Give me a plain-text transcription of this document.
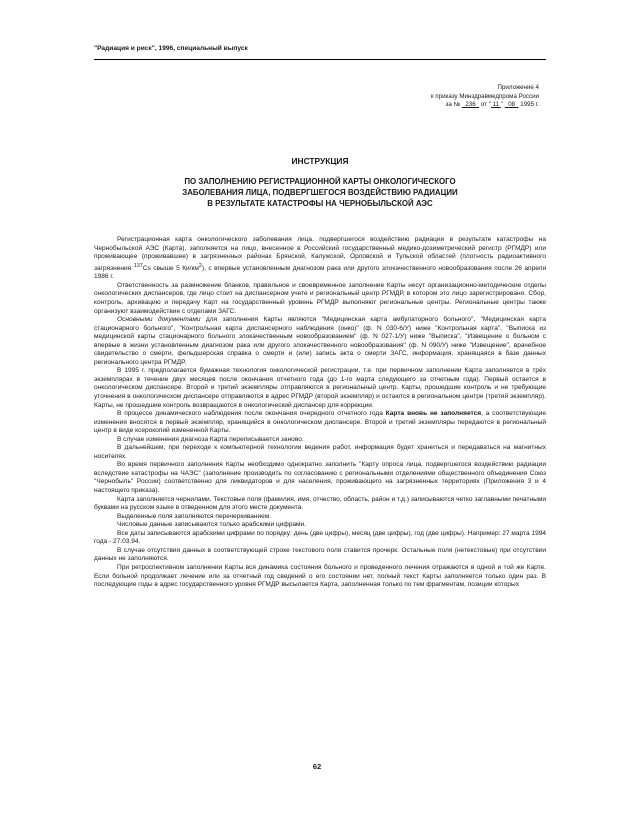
"Радиация и риск", 1996, специальный выпуск
Приложение 4
к приказу Минздравмедпрома России
за № 236 от " 11 " 08 1995 г.
ИНСТРУКЦИЯ
ПО ЗАПОЛНЕНИЮ РЕГИСТРАЦИОННОЙ КАРТЫ ОНКОЛОГИЧЕСКОГО
ЗАБОЛЕВАНИЯ ЛИЦА, ПОДВЕРГШЕГОСЯ ВОЗДЕЙСТВИЮ РАДИАЦИИ
В РЕЗУЛЬТАТЕ КАТАСТРОФЫ НА ЧЕРНОБЫЛЬСКОЙ АЭС

Регистрационная карта онкологического заболевания лица, подвергшегося воздействию радиации в результате катастрофы на Чернобыльской АЭС (Карта), заполняется на лицо, внесенное в Российский государственный медико-дозиметрический регистр (РГМДР) или проживающее (проживавшее) в загрязненных районах Брянской, Калужской, Орловской и Тульской областей (плотность радиоактивного загрязнения $^{137}$Cs свыше 5 $Ки/км^2$), с впервые установленным диагнозом рака или другого злокачественного новообразования после 26 апреля 1986 г.

Ответственность за размножение бланков, правильное и своевременное заполнение Карты несут организационно-методические отделы онкологических диспансеров, где лицо стоит на диспансерном учете и региональный центр РГМДР, в котором это лицо зарегистрировано. Сбор, контроль, архивацию и передачу Карт на государственный уровень РГМДР выполняют региональные центры. Региональные центры также организуют взаимодействие с отделами ЗАГС.

Основными документами для заполнения Карты являются "Медицинская карта амбулаторного больного", "Медицинская карта стационарного больного", "Контрольная карта диспансерного наблюдения (онко)" (ф. N 030-6/У) ниже "Контрольная карта", "Выписка из медицинской карты стационарного больного злокачественным новообразованием" (ф. N 027-1/У) ниже "Выписка", "Извещение о больном с впервые в жизни установленным диагнозом рака или другого злокачественного новообразования" (ф. N 090/У) ниже "Извещение", врачебное свидетельство о смерти, фельдшерская справка о смерти и (или) запись акта о смерти ЗАГС, информация, хранящаяся в базе данных регионального центра РГМДР.

В 1995 г. предполагается бумажная технология онкологической регистрации, т.е. при первичном заполнении Карта заполняется в трёх экземплярах в течение двух месяцев после окончания отчетного года (до 1-го марта следующего за отчетным года). Первый остается в онкологическом диспансере. Второй и третий экземпляры отправляются в региональный центр. Карты, прошедшие контроль и не требующие уточнения в онкологическом диспансере отправляются в адрес РГМДР (второй экземпляр) и остаются в региональном центре (третий экземпляр). Карты, не прошедшие контроль возвращаются в онкологический диспансер для коррекции.

В процессе динамического наблюдения после окончания очередного отчетного года Карта вновь не заполняется, а соответствующие изменения вносятся в первый экземпляр, хранящийся в онкологическом диспансере. Второй и третий экземпляры передаются в региональный центр в виде ксерокопий измененной Карты.

В случае изменения диагноза Карта переписывается заново.

В дальнейшем, при переходе к компьютерной технологии ведения работ, информация будет храниться и передаваться на магнитных носителях.

Во время первичного заполнения Карты необходимо однократно заполнить "Карту опроса лица, подвергшегося воздействию радиации вследствие катастрофы на ЧАЭС" (заполнение производить по согласованию с региональными отделениями общественного объединения Союз "Чернобыль" России) соответственно для ликвидаторов и для населения, проживающего на загрязненных территориях (Приложения 3 и 4 настоящего приказа).

Карта заполняется чернилами. Текстовые поля (фамилия, имя, отчество, область, район и т.д.) записываются четко заглавными печатными буквами на русском языке в отведенном для этого месте документа.

Выделенные поля заполняются перечеркиванием.

Числовые данные записываются только арабскими цифрами.

Все даты записываются арабскими цифрами по порядку: день (две цифры), месяц (две цифры), год (две цифры). Например: 27 марта 1994 года - 27.03.94.

В случае отсутствия данных в соответствующей строке текстового поля ставится прочерк. Остальные поля (нетекстовые) при отсутствии данных не заполняются.

При ретроспективном заполнении Карты вся динамика состояния больного и проведенного лечения отражаются в одной и той же Карте. Если больной продолжает лечение или за отчетный год сведений о его состоянии нет, полный текст Карты заполняется только один раз. В последующие годы в адрес государственного уровня РГМДР высылается Карта, заполненная только по тем фрагментам, позиции которых

62
